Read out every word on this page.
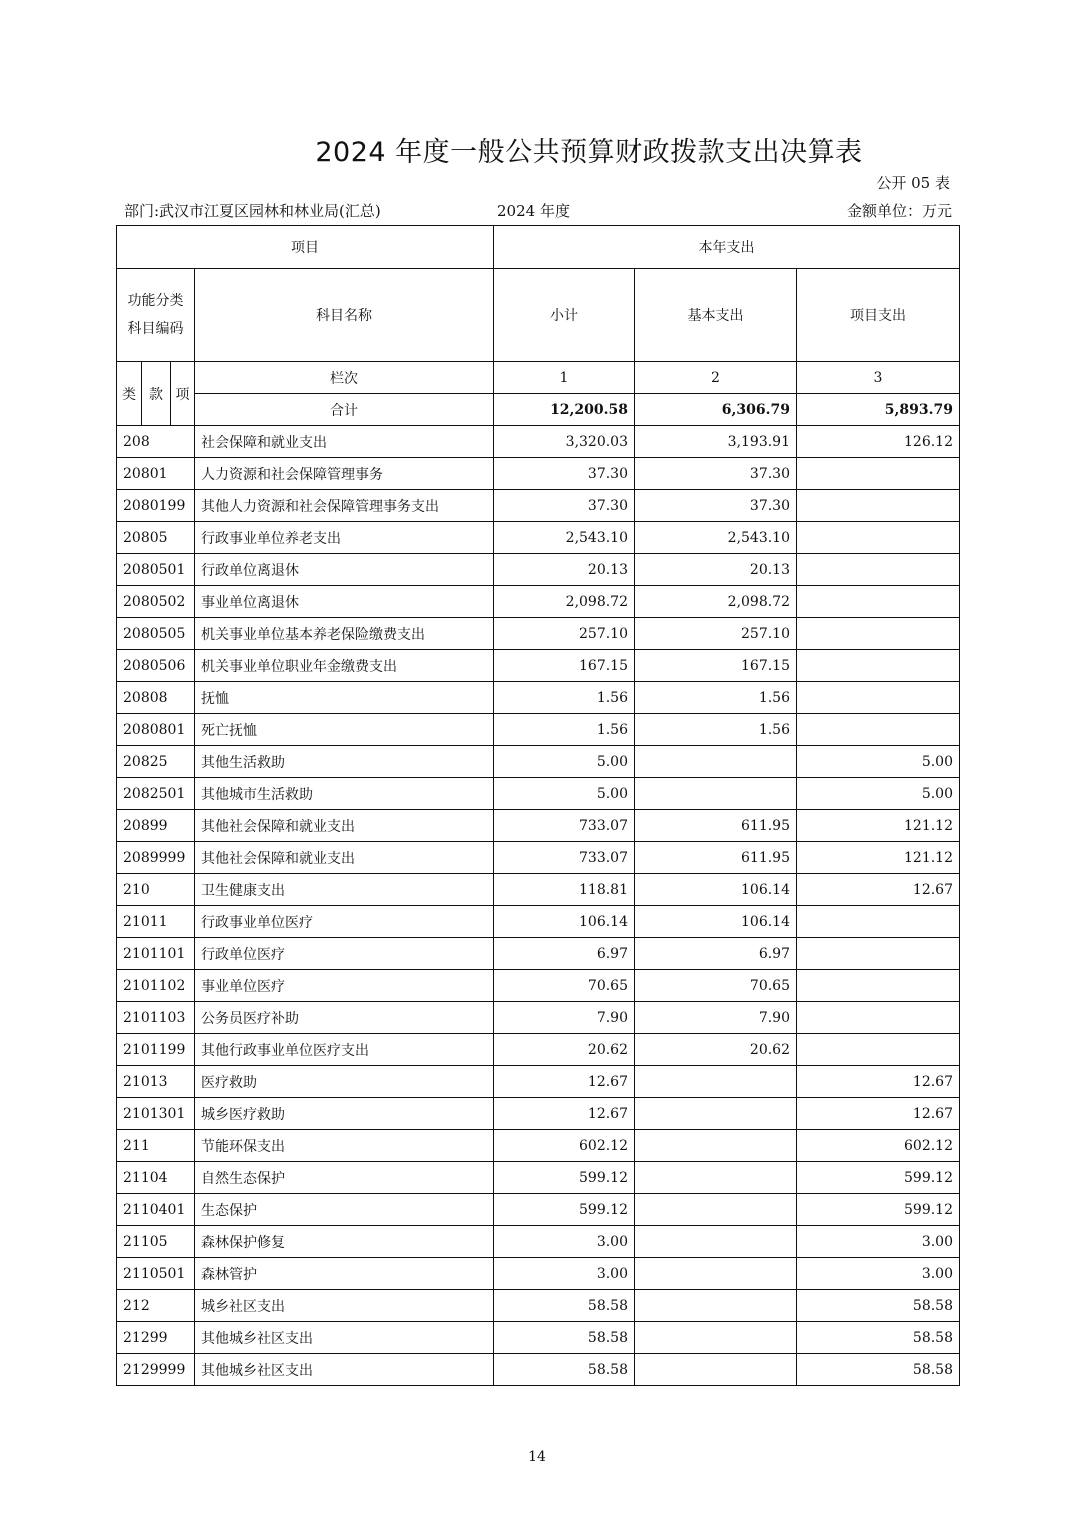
2024 年度一般公共预算财政拨款支出决算表
公开 05 表
部门:武汉市江夏区园林和林业局(汇总)	2024 年度	金额单位：万元
项目				本年支出		

功能分类
科目编码			科目名称	小计	基本支出	项目支出
类	款	项	栏次	1	2	3
			合计	12,200.58	6,306.79	5,893.79
208			社会保障和就业支出	3,320.03	3,193.91	126.12
20801			人力资源和社会保障管理事务	37.30	37.30	
2080199			其他人力资源和社会保障管理事务支出	37.30	37.30	
20805			行政事业单位养老支出	2,543.10	2,543.10	
2080501			行政单位离退休	20.13	20.13	
2080502			事业单位离退休	2,098.72	2,098.72	
2080505			机关事业单位基本养老保险缴费支出	257.10	257.10	
2080506			机关事业单位职业年金缴费支出	167.15	167.15	
20808			抚恤	1.56	1.56	
2080801			死亡抚恤	1.56	1.56	
20825			其他生活救助	5.00		5.00
2082501			其他城市生活救助	5.00		5.00
20899			其他社会保障和就业支出	733.07	611.95	121.12
2089999			其他社会保障和就业支出	733.07	611.95	121.12
210			卫生健康支出	118.81	106.14	12.67
21011			行政事业单位医疗	106.14	106.14	
2101101			行政单位医疗	6.97	6.97	
2101102			事业单位医疗	70.65	70.65	
2101103			公务员医疗补助	7.90	7.90	
2101199			其他行政事业单位医疗支出	20.62	20.62	
21013			医疗救助	12.67		12.67
2101301			城乡医疗救助	12.67		12.67
211			节能环保支出	602.12		602.12
21104			自然生态保护	599.12		599.12
2110401			生态保护	599.12		599.12
21105			森林保护修复	3.00		3.00
2110501			森林管护	3.00		3.00
212			城乡社区支出	58.58		58.58
21299			其他城乡社区支出	58.58		58.58
2129999			其他城乡社区支出	58.58		58.58
14
